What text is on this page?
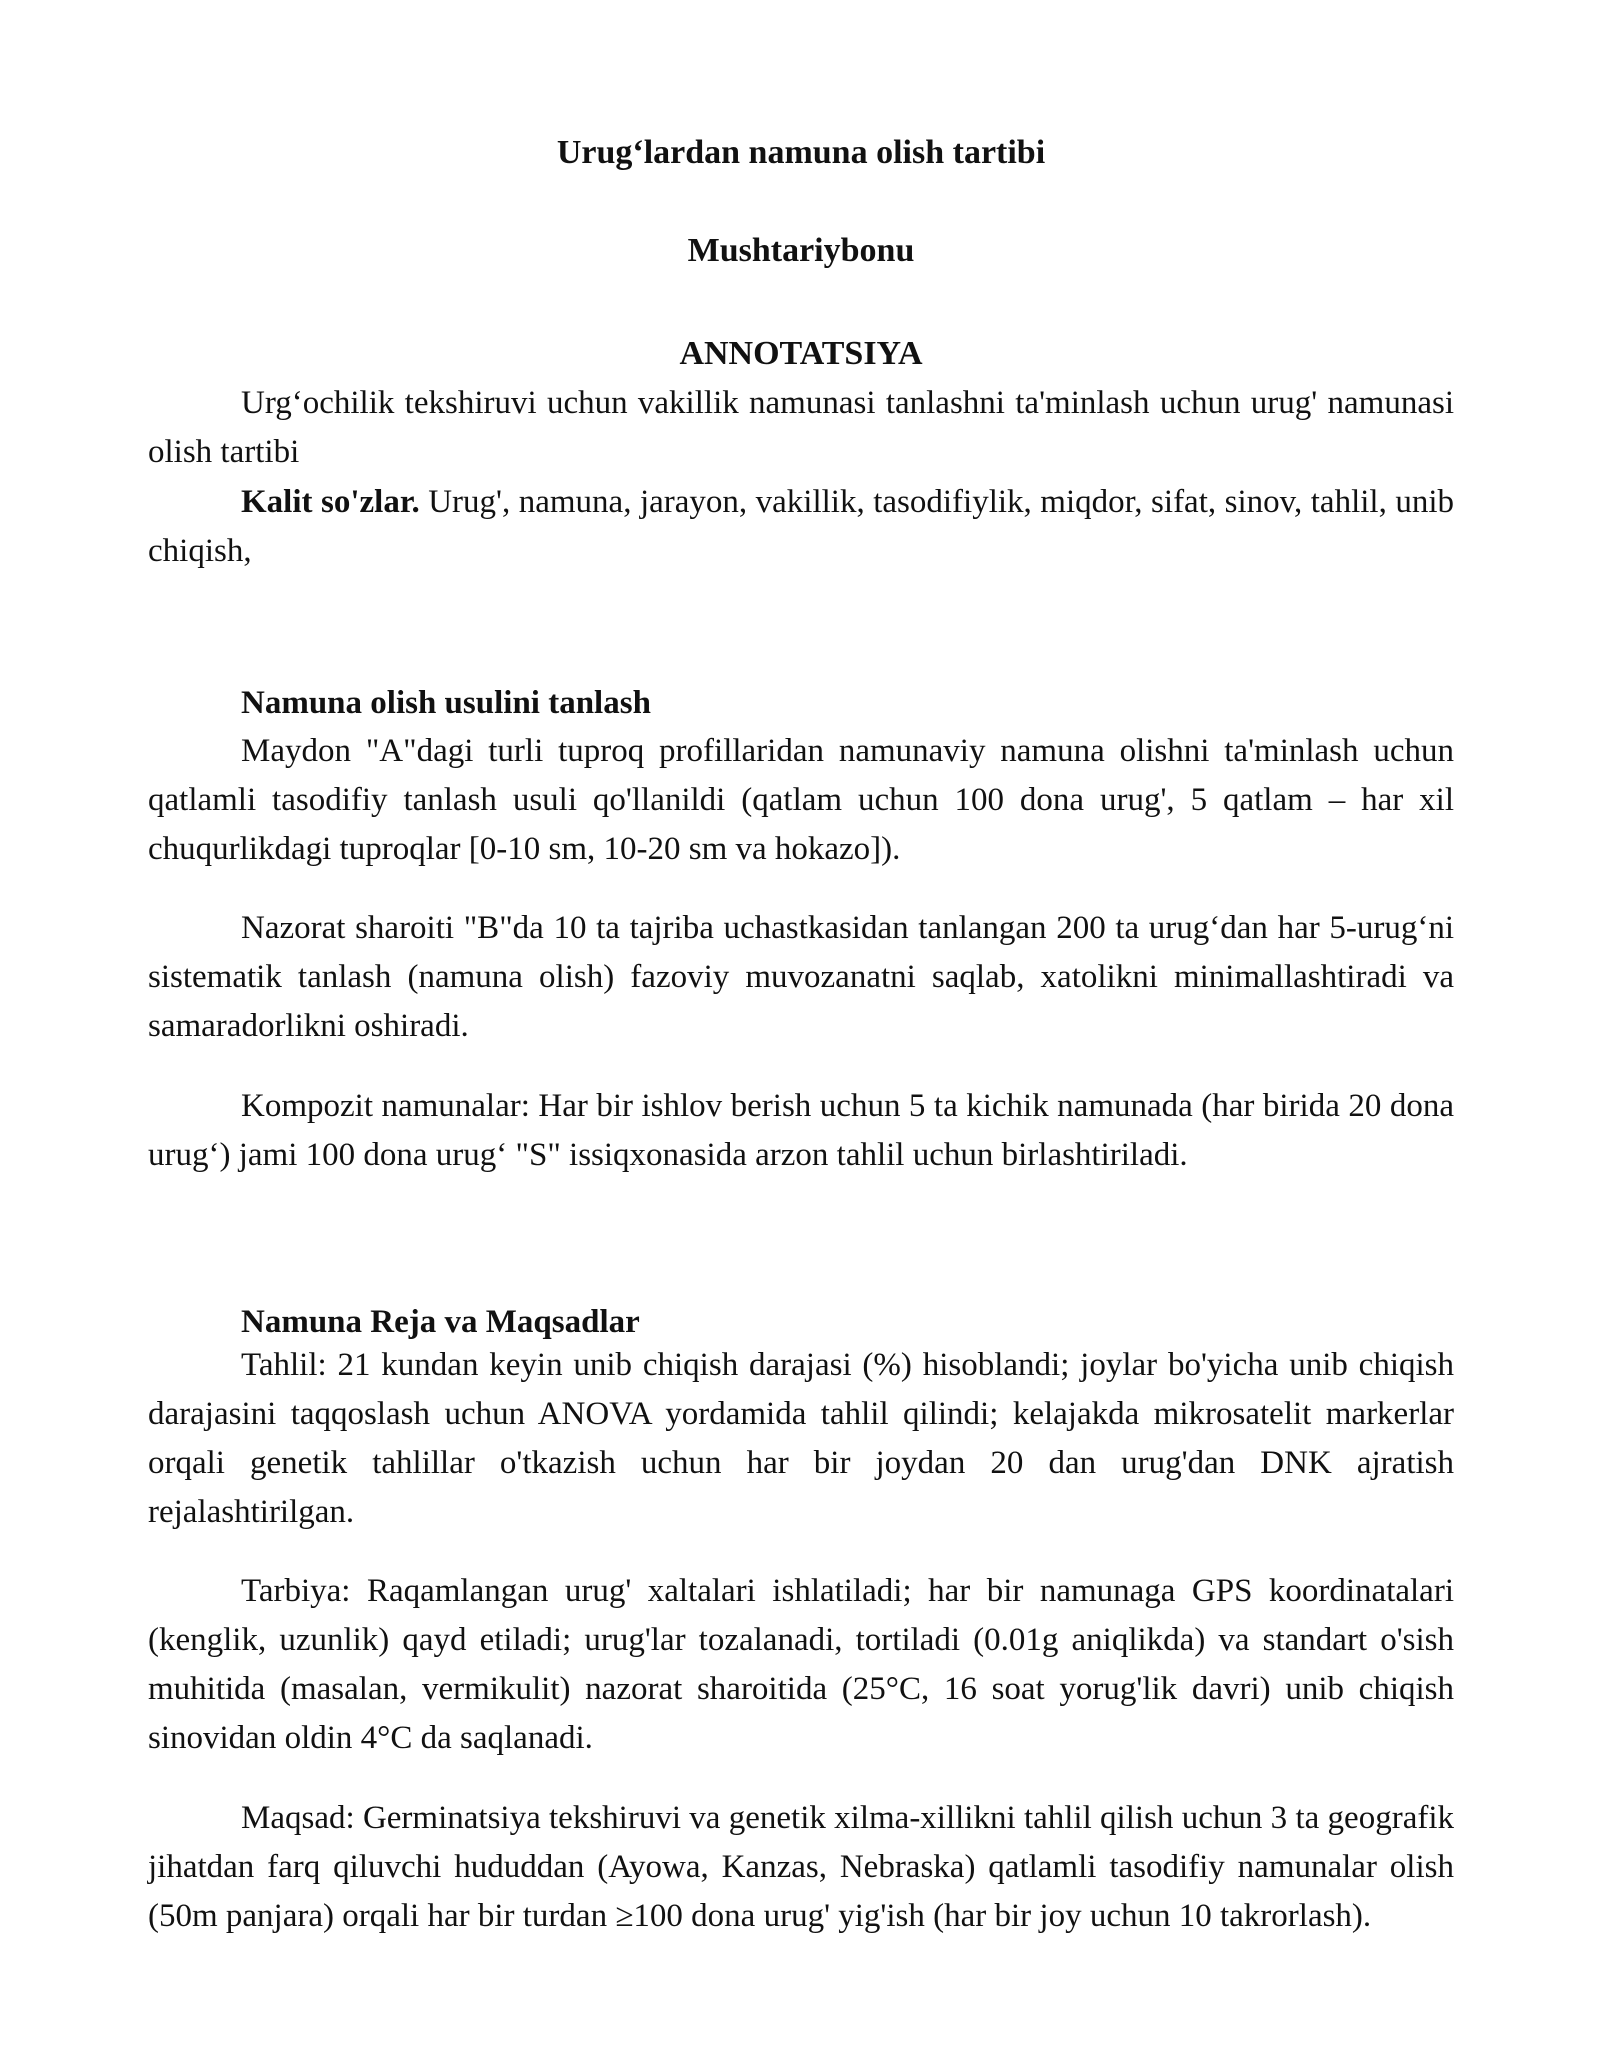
Urug‘lardan namuna olish tartibi
Mushtariybonu
ANNOTATSIYA

Urg‘ochilik tekshiruvi uchun vakillik namunasi tanlashni ta'minlash uchun urug' namunasi olish tartibi

Kalit so'zlar. Urug', namuna, jarayon, vakillik, tasodifiylik, miqdor, sifat, sinov, tahlil, unib chiqish,

Namuna olish usulini tanlash

Maydon "A"dagi turli tuproq profillaridan namunaviy namuna olishni ta'minlash uchun qatlamli tasodifiy tanlash usuli qo'llanildi (qatlam uchun 100 dona urug', 5 qatlam – har xil chuqurlikdagi tuproqlar [0-10 sm, 10-20 sm va hokazo]).

Nazorat sharoiti "B"da 10 ta tajriba uchastkasidan tanlangan 200 ta urug‘dan har 5-urug‘ni sistematik tanlash (namuna olish) fazoviy muvozanatni saqlab, xatolikni minimallashtiradi va samaradorlikni oshiradi.

Kompozit namunalar: Har bir ishlov berish uchun 5 ta kichik namunada (har birida 20 dona urug‘) jami 100 dona urug‘ "S" issiqxonasida arzon tahlil uchun birlashtiriladi.

Namuna Reja va Maqsadlar

Tahlil: 21 kundan keyin unib chiqish darajasi (%) hisoblandi; joylar bo'yicha unib chiqish darajasini taqqoslash uchun ANOVA yordamida tahlil qilindi; kelajakda mikrosatelit markerlar orqali genetik tahlillar o'tkazish uchun har bir joydan 20 dan urug'dan DNK ajratish rejalashtirilgan.

Tarbiya: Raqamlangan urug' xaltalari ishlatiladi; har bir namunaga GPS koordinatalari (kenglik, uzunlik) qayd etiladi; urug'lar tozalanadi, tortiladi (0.01g aniqlikda) va standart o'sish muhitida (masalan, vermikulit) nazorat sharoitida (25°C, 16 soat yorug'lik davri) unib chiqish sinovidan oldin 4°C da saqlanadi.

Maqsad: Germinatsiya tekshiruvi va genetik xilma-xillikni tahlil qilish uchun 3 ta geografik jihatdan farq qiluvchi hududdan (Ayowa, Kanzas, Nebraska) qatlamli tasodifiy namunalar olish (50m panjara) orqali har bir turdan ≥100 dona urug' yig'ish (har bir joy uchun 10 takrorlash).
